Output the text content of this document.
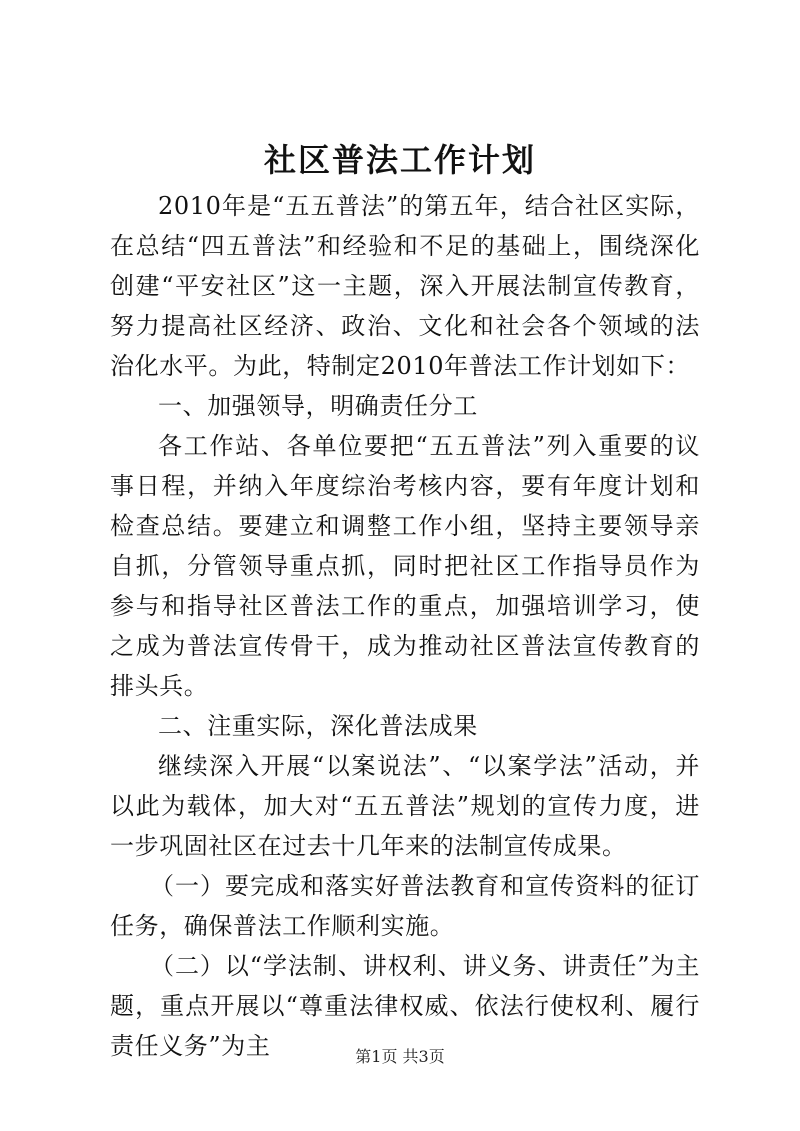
社区普法工作计划

2010年是“五五普法”的第五年，结合社区实际，在总结“四五普法”和经验和不足的基础上，围绕深化创建“平安社区”这一主题，深入开展法制宣传教育，努力提高社区经济、政治、文化和社会各个领域的法治化水平。为此，特制定2010年普法工作计划如下：

一、加强领导，明确责任分工

各工作站、各单位要把“五五普法”列入重要的议事日程，并纳入年度综治考核内容，要有年度计划和检查总结。要建立和调整工作小组，坚持主要领导亲自抓，分管领导重点抓，同时把社区工作指导员作为参与和指导社区普法工作的重点，加强培训学习，使之成为普法宣传骨干，成为推动社区普法宣传教育的排头兵。

二、注重实际，深化普法成果

继续深入开展“以案说法”、“以案学法”活动，并以此为载体，加大对“五五普法”规划的宣传力度，进一步巩固社区在过去十几年来的法制宣传成果。

（一）要完成和落实好普法教育和宣传资料的征订任务，确保普法工作顺利实施。

（二）以“学法制、讲权利、讲义务、讲责任”为主题，重点开展以“尊重法律权威、依法行使权利、履行责任义务”为主	第1页 共3页
